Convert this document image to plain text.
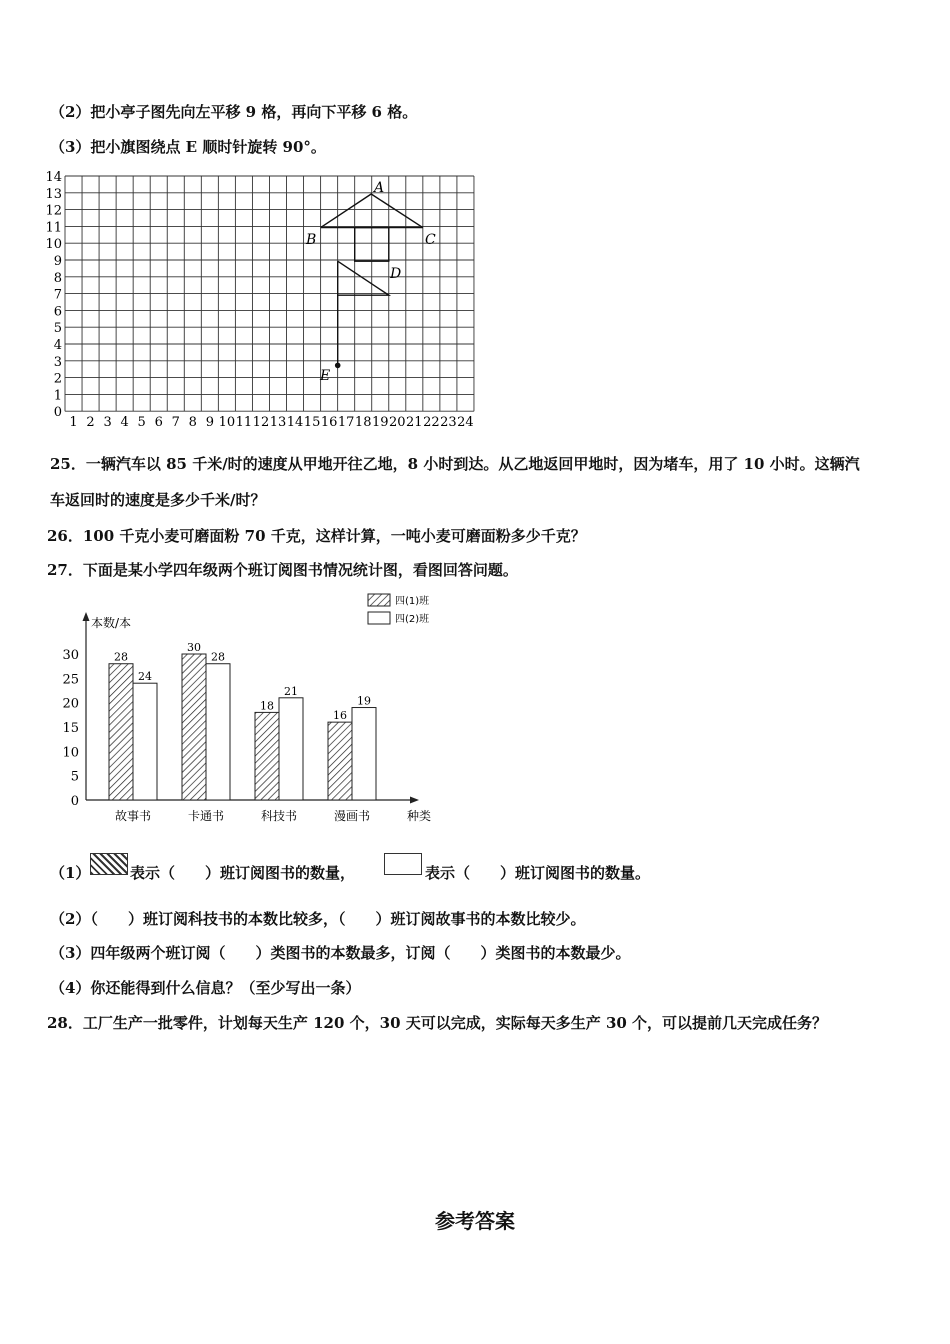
（2）把小亭子图先向左平移 9 格，再向下平移 6 格。
（3）把小旗图绕点 E 顺时针旋转 90°。
1 2 3 4 5 6 7 8 9 10 11 12 13 14 15 16 17 18 19 20 21 22 23 24
0
1
2
3
4
5
6
7
8
9
10
11
12
13
14
A
B	C
D
E
25．一辆汽车以 85 千米/时的速度从甲地开往乙地，8 小时到达。从乙地返回甲地时，因为堵车，用了 10 小时。这辆汽
车返回时的速度是多少千米/时？
26．100 千克小麦可磨面粉 70 千克，这样计算，一吨小麦可磨面粉多少千克？
27．下面是某小学四年级两个班订阅图书情况统计图，看图回答问题。
四(1)班
四(2)班
本数/本
种类
0
5
10
15
20
25
30	28
24
30
28
18
21
16
19
故事书	卡通书	科技书	漫画书
（1）	表示（　　）班订阅图书的数量，	表示（　　）班订阅图书的数量。
（2）（　　）班订阅科技书的本数比较多，（　　）班订阅故事书的本数比较少。
（3）四年级两个班订阅（　　）类图书的本数最多，订阅（　　）类图书的本数最少。
（4）你还能得到什么信息？（至少写出一条）
28．工厂生产一批零件，计划每天生产 120 个，30 天可以完成，实际每天多生产 30 个，可以提前几天完成任务？
参考答案
